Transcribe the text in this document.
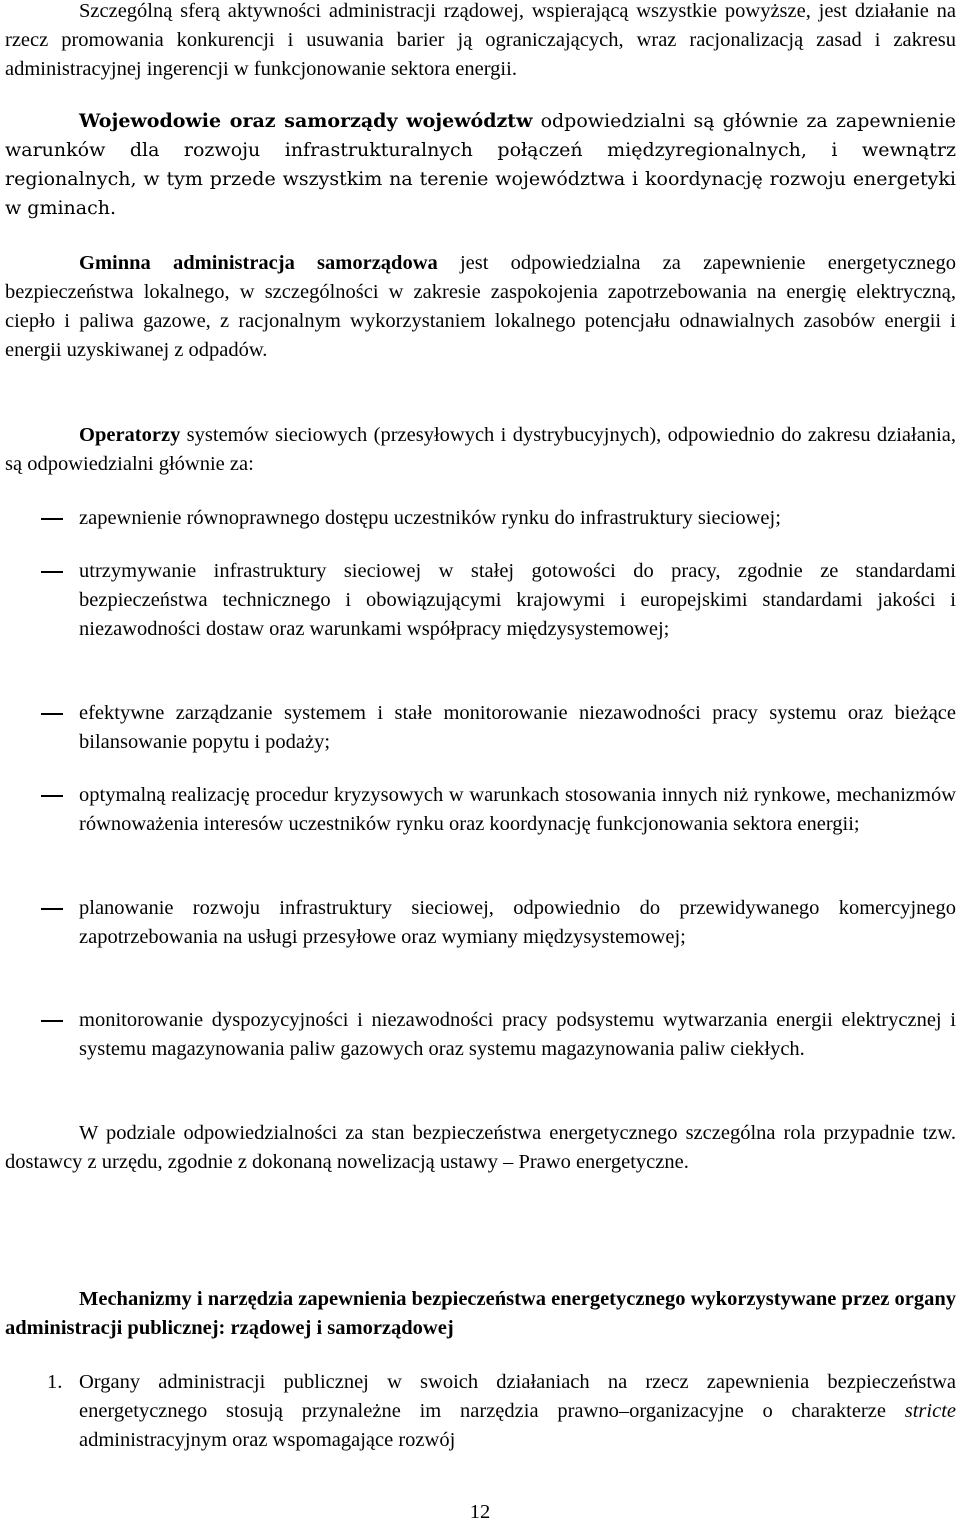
Szczególną sferą aktywności administracji rządowej, wspierającą wszystkie powyższe, jest działanie na rzecz promowania konkurencji i usuwania barier ją ograniczających, wraz racjonalizacją zasad i zakresu administracyjnej ingerencji w funkcjonowanie sektora energii.

Wojewodowie oraz samorządy województw odpowiedzialni są głównie za zapewnienie warunków dla rozwoju infrastrukturalnych połączeń międzyregionalnych, i wewnątrz regionalnych, w tym przede wszystkim na terenie województwa i koordynację rozwoju energetyki w gminach.

Gminna administracja samorządowa jest odpowiedzialna za zapewnienie energetycznego bezpieczeństwa lokalnego, w szczególności w zakresie zaspokojenia zapotrzebowania na energię elektryczną, ciepło i paliwa gazowe, z racjonalnym wykorzystaniem lokalnego potencjału odnawialnych zasobów energii i energii uzyskiwanej z odpadów.

Operatorzy systemów sieciowych (przesyłowych i dystrybucyjnych), odpowiednio do zakresu działania, są odpowiedzialni głównie za:

zapewnienie równoprawnego dostępu uczestników rynku do infrastruktury sieciowej;

utrzymywanie infrastruktury sieciowej w stałej gotowości do pracy, zgodnie ze standardami bezpieczeństwa technicznego i obowiązującymi krajowymi i europejskimi standardami jakości i niezawodności dostaw oraz warunkami współpracy międzysystemowej;

efektywne zarządzanie systemem i stałe monitorowanie niezawodności pracy systemu oraz bieżące bilansowanie popytu i podaży;

optymalną realizację procedur kryzysowych w warunkach stosowania innych niż rynkowe, mechanizmów równoważenia interesów uczestników rynku oraz koordynację funkcjonowania sektora energii;

planowanie rozwoju infrastruktury sieciowej, odpowiednio do przewidywanego komercyjnego zapotrzebowania na usługi przesyłowe oraz wymiany międzysystemowej;

monitorowanie dyspozycyjności i niezawodności pracy podsystemu wytwarzania energii elektrycznej i systemu magazynowania paliw gazowych oraz systemu magazynowania paliw ciekłych.

W podziale odpowiedzialności za stan bezpieczeństwa energetycznego szczególna rola przypadnie tzw. dostawcy z urzędu, zgodnie z dokonaną nowelizacją ustawy – Prawo energetyczne.

Mechanizmy i narzędzia zapewnienia bezpieczeństwa energetycznego wykorzystywane przez organy administracji publicznej: rządowej i samorządowej

1. Organy administracji publicznej w swoich działaniach na rzecz zapewnienia bezpieczeństwa energetycznego stosują przynależne im narzędzia prawno–organizacyjne o charakterze stricte administracyjnym oraz wspomagające rozwój

12
